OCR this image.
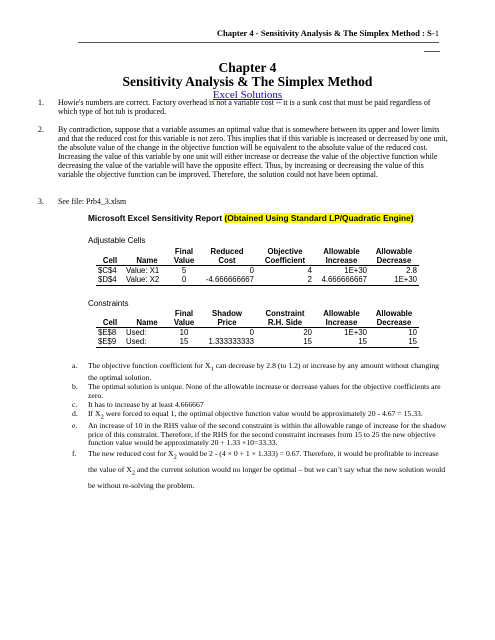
Chapter 4 - Sensitivity Analysis & The Simplex Method : S-1
Chapter 4
Sensitivity Analysis & The Simplex Method
Excel Solutions
1. Howie's numbers are correct. Factory overhead is not a variable cost -- it is a sunk cost that must be paid regardless of which type of hot tub is produced.
2. By contradiction, suppose that a variable assumes an optimal value that is somewhere between its upper and lower limits and that the reduced cost for this variable is not zero. This implies that if this variable is increased or decreased by one unit, the absolute value of the change in the objective function will be equivalent to the absolute value of the reduced cost. Increasing the value of this variable by one unit will either increase or decrease the value of the objective function while decreasing the value of the variable will have the opposite effect. Thus, by increasing or decreasing the value of this variable the objective function can be improved. Therefore, the solution could not have been optimal.
3. See file: Prb4_3.xlsm
Microsoft Excel Sensitivity Report (Obtained Using Standard LP/Quadratic Engine)
Adjustable Cells
		Final	Reduced	Objective	Allowable	Allowable
Cell	Name	Value	Cost	Coefficient	Increase	Decrease
$C$4	Value: X1	5	0	4	1E+30	2.8
$D$4	Value: X2	0	-4.666666667	2	4.666666667	1E+30
Constraints
		Final	Shadow	Constraint	Allowable	Allowable
Cell	Name	Value	Price	R.H. Side	Increase	Decrease
$E$8	Used:	10	0	20	1E+30	10
$E$9	Used:	15	1.333333333	15	15	15
a. The objective function coefficient for $X_1$ can decrease by 2.8 (to 1.2) or increase by any amount without changing the optimal solution.
b. The optimal solution is unique. None of the allowable increase or decrease values for the objective coefficients are zero.
c. It has to increase by at least 4.666667
d. If $X_2$ were forced to equal 1, the optimal objective function value would be approximately 20 - 4.67 = 15.33.
e. An increase of 10 in the RHS value of the second constraint is within the allowable range of increase for the shadow price of this constraint. Therefore, if the RHS for the second constraint increases from 15 to 25 the new objective function value would be approximately 20 + 1.33 ×10=33.33.
f. The new reduced cost for $X_2$ would be 2 - (4 × 0 + 1 × 1.333) = 0.67. Therefore, it would be profitable to increase the value of $X_2$ and the current solution would no longer be optimal – but we can’t say what the new solution would be without re-solving the problem.
